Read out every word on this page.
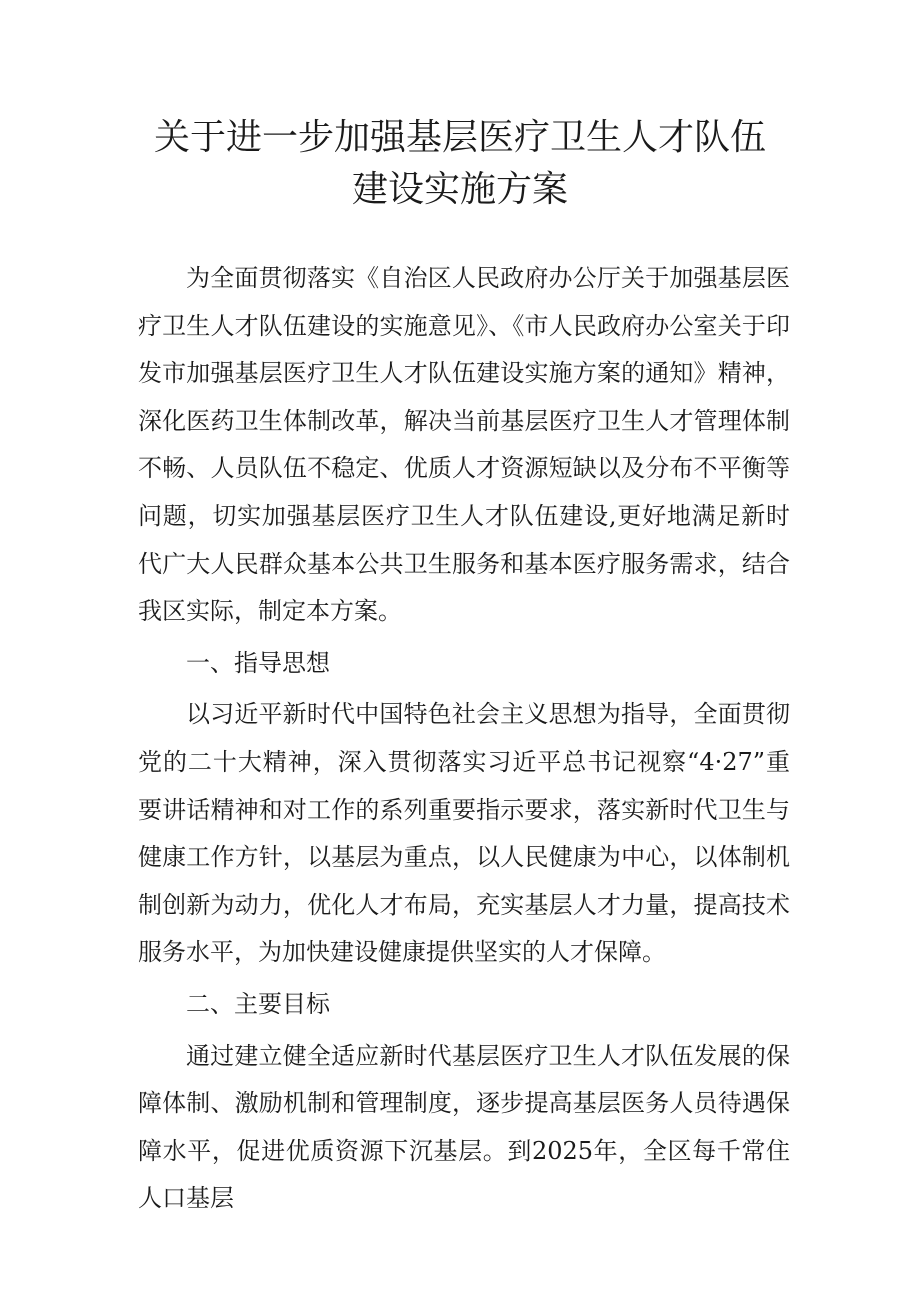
关于进一步加强基层医疗卫生人才队伍建设实施方案

为全面贯彻落实《自治区人民政府办公厅关于加强基层医疗卫生人才队伍建设的实施意见》、《市人民政府办公室关于印发市加强基层医疗卫生人才队伍建设实施方案的通知》精神，深化医药卫生体制改革，解决当前基层医疗卫生人才管理体制不畅、人员队伍不稳定、优质人才资源短缺以及分布不平衡等问题，切实加强基层医疗卫生人才队伍建设,更好地满足新时代广大人民群众基本公共卫生服务和基本医疗服务需求，结合我区实际，制定本方案。

一、指导思想

以习近平新时代中国特色社会主义思想为指导，全面贯彻党的二十大精神，深入贯彻落实习近平总书记视察“4·27”重要讲话精神和对工作的系列重要指示要求，落实新时代卫生与健康工作方针，以基层为重点，以人民健康为中心，以体制机制创新为动力，优化人才布局，充实基层人才力量，提高技术服务水平，为加快建设健康提供坚实的人才保障。

二、主要目标

通过建立健全适应新时代基层医疗卫生人才队伍发展的保障体制、激励机制和管理制度，逐步提高基层医务人员待遇保障水平，促进优质资源下沉基层。到2025年，全区每千常住人口基层
